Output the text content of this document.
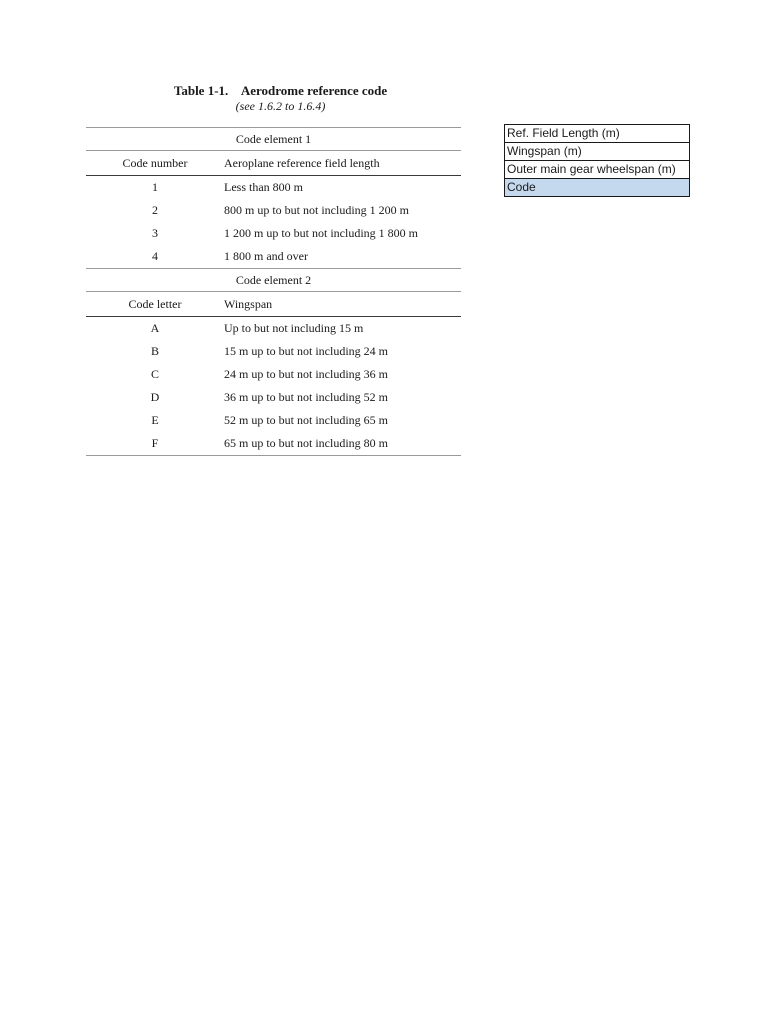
Table 1-1. Aerodrome reference code
(see 1.6.2 to 1.6.4)
Code element 1	
Code number	Aeroplane reference field length
1	Less than 800 m
2	800 m up to but not including 1 200 m
3	1 200 m up to but not including 1 800 m
4	1 800 m and over
Code element 2	
Code letter	Wingspan
A	Up to but not including 15 m
B	15 m up to but not including 24 m
C	24 m up to but not including 36 m
D	36 m up to but not including 52 m
E	52 m up to but not including 65 m
F	65 m up to but not including 80 m
Ref. Field Length (m)
Wingspan (m)
Outer main gear wheelspan (m)
Code
